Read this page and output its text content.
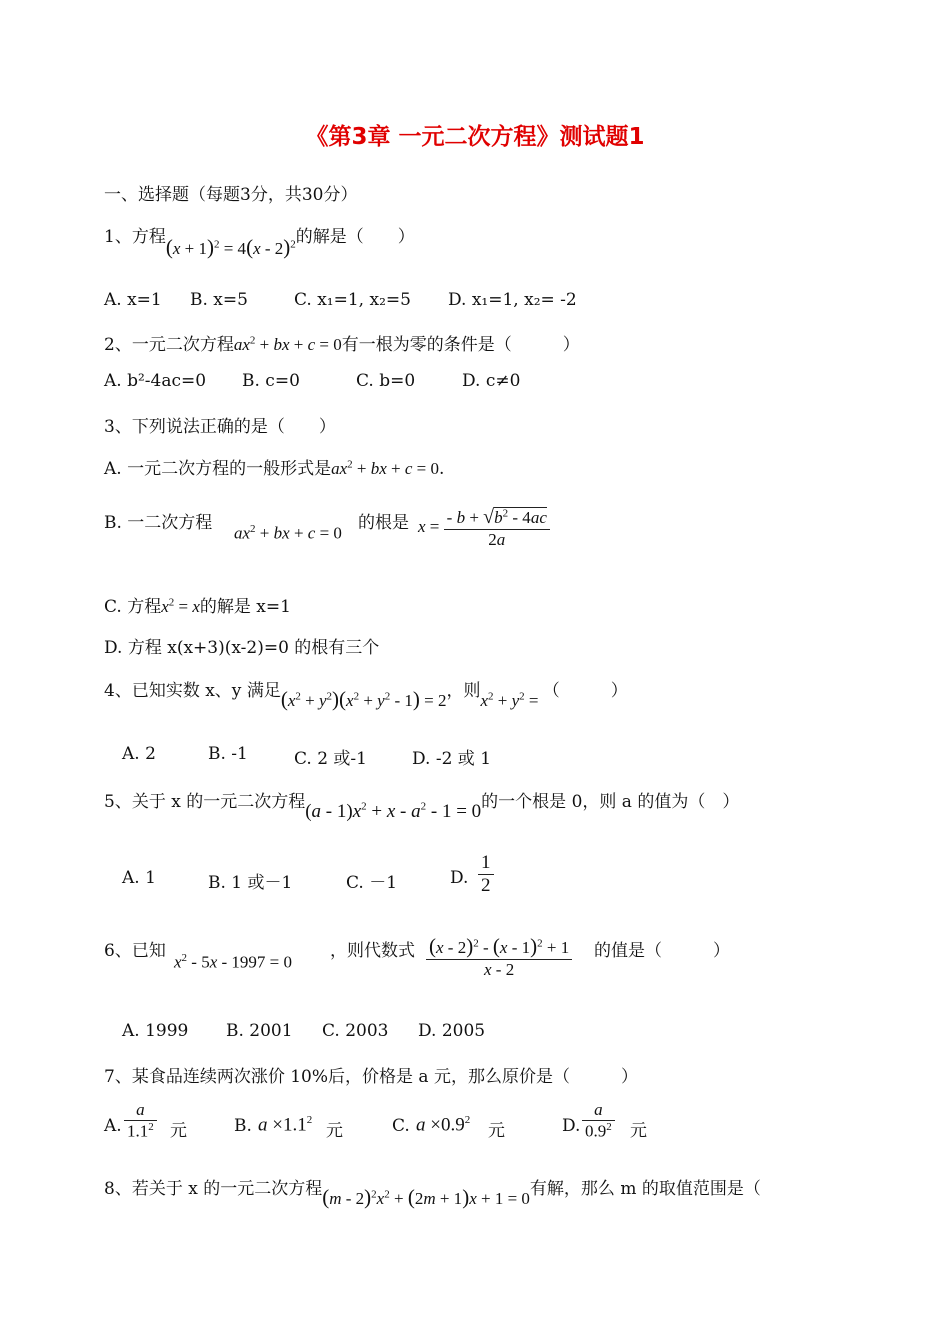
《第3章 一元二次方程》测试题1
一、选择题（每题3分，共30分）
1、方程$(x + 1)^2 = 4(x - 2)^2$的解是（　　）
A. x=1 B. x=5	C. x₁=1, x₂=5 D. x₁=1, x₂= -2
2、一元二次方程$ax^2$ + bx + c = 0有一根为零的条件是（　　　）
A. b²-4ac=0 B. c=0	C. b=0	D. c≠0
3、下列说法正确的是（　　）
A. 一元二次方程的一般形式是$ax^2$ + bx + c = 0.
B. 一二次方程
$ax^2$ + bx + c = 0
的根是 $x = \frac{- b + √b^2 - 4ac}{2a}$
C. 方程$x^2 = x$的解是 x=1
D. 方程 x(x+3)(x-2)=0 的根有三个
4、已知实数 x、y 满足$(x^2 + y^2)(x^2 + y^2 - 1) = 2$，则$x^2 + y^2$ = （　　　）
A. 2	B. -1	C. 2 或-1	D. -2 或 1
5、关于 x 的一元二次方程$(a - 1)x^2 + x - a^2 - 1 = 0$的一个根是 0，则 a 的值为（　）
A. 1	B. 1 或－1	C. －1	D. $\frac{1}{2}$
6、已知
$x^2 - 5x - 1997 = 0$
，则代数式 $\frac{(x - 2)^2 - (x - 1)^2 + 1}{x - 2}$ 的值是（　　　）
A. 1999 B. 2001 C. 2003 D. 2005
7、某食品连续两次涨价 10%后，价格是 a 元，那么原价是（　　　）
A. $\frac{a}{1.1^2}$ 元	B. $a \times 1.1^2$
元	C. $a \times 0.9^2$
元	D. $\frac{a}{0.9^2}$ 元
8、若关于 x 的一元二次方程$(m - 2)^2x^2 + (2m + 1)x + 1 = 0$有解，那么 m 的取值范围是（
